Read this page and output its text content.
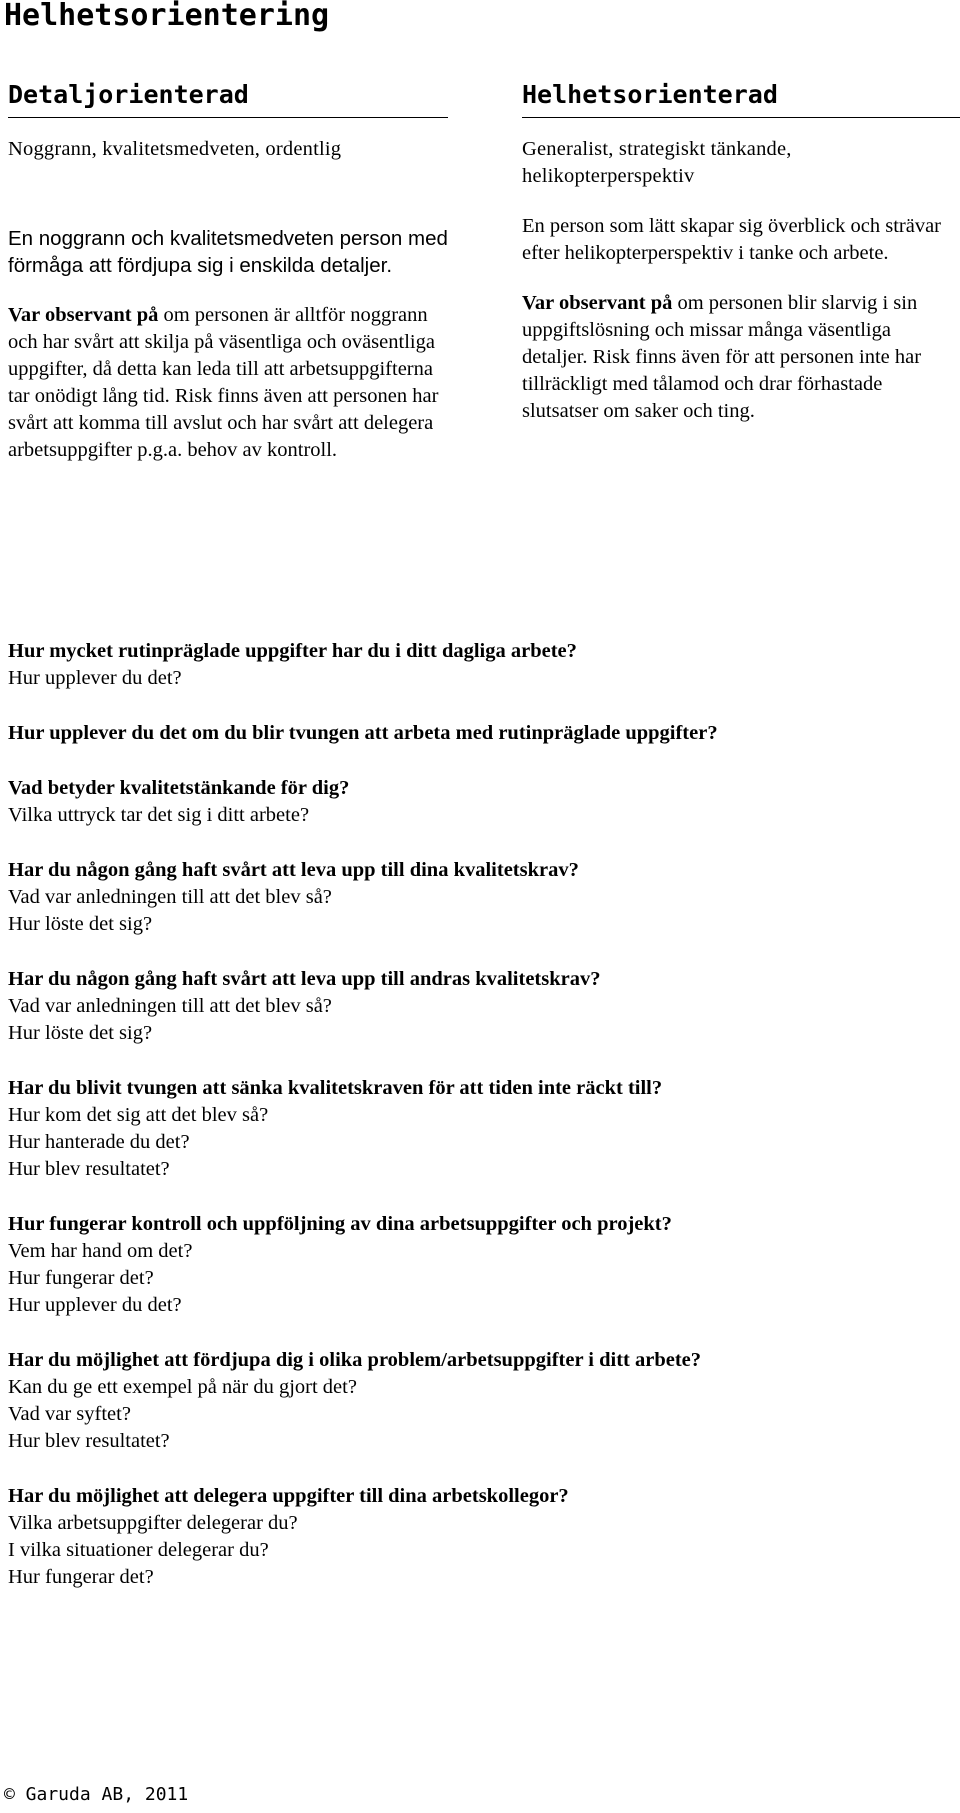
Helhetsorientering
Detaljorienterad

Noggrann, kvalitetsmedveten, ordentlig

En noggrann och kvalitetsmedveten person med förmåga att fördjupa sig i enskilda detaljer.

Var observant på om personen är alltför noggrann och har svårt att skilja på väsentliga och oväsentliga uppgifter, då detta kan leda till att arbetsuppgifterna tar onödigt lång tid. Risk finns även att personen har svårt att komma till avslut och har svårt att delegera arbetsuppgifter p.g.a. behov av kontroll.

Helhetsorienterad

Generalist, strategiskt tänkande, helikopterperspektiv

En person som lätt skapar sig överblick och strävar efter helikopterperspektiv i tanke och arbete.

Var observant på om personen blir slarvig i sin uppgiftslösning och missar många väsentliga detaljer. Risk finns även för att personen inte har tillräckligt med tålamod och drar förhastade slutsatser om saker och ting.

Hur mycket rutinpräglade uppgifter har du i ditt dagliga arbete?
Hur upplever du det?
Hur upplever du det om du blir tvungen att arbeta med rutinpräglade uppgifter?
Vad betyder kvalitetstänkande för dig?
Vilka uttryck tar det sig i ditt arbete?
Har du någon gång haft svårt att leva upp till dina kvalitetskrav?
Vad var anledningen till att det blev så?
Hur löste det sig?
Har du någon gång haft svårt att leva upp till andras kvalitetskrav?
Vad var anledningen till att det blev så?
Hur löste det sig?
Har du blivit tvungen att sänka kvalitetskraven för att tiden inte räckt till?
Hur kom det sig att det blev så?
Hur hanterade du det?
Hur blev resultatet?
Hur fungerar kontroll och uppföljning av dina arbetsuppgifter och projekt?
Vem har hand om det?
Hur fungerar det?
Hur upplever du det?
Har du möjlighet att fördjupa dig i olika problem/arbetsuppgifter i ditt arbete?
Kan du ge ett exempel på när du gjort det?
Vad var syftet?
Hur blev resultatet?
Har du möjlighet att delegera uppgifter till dina arbetskollegor?
Vilka arbetsuppgifter delegerar du?
I vilka situationer delegerar du?
Hur fungerar det?
© Garuda AB, 2011
